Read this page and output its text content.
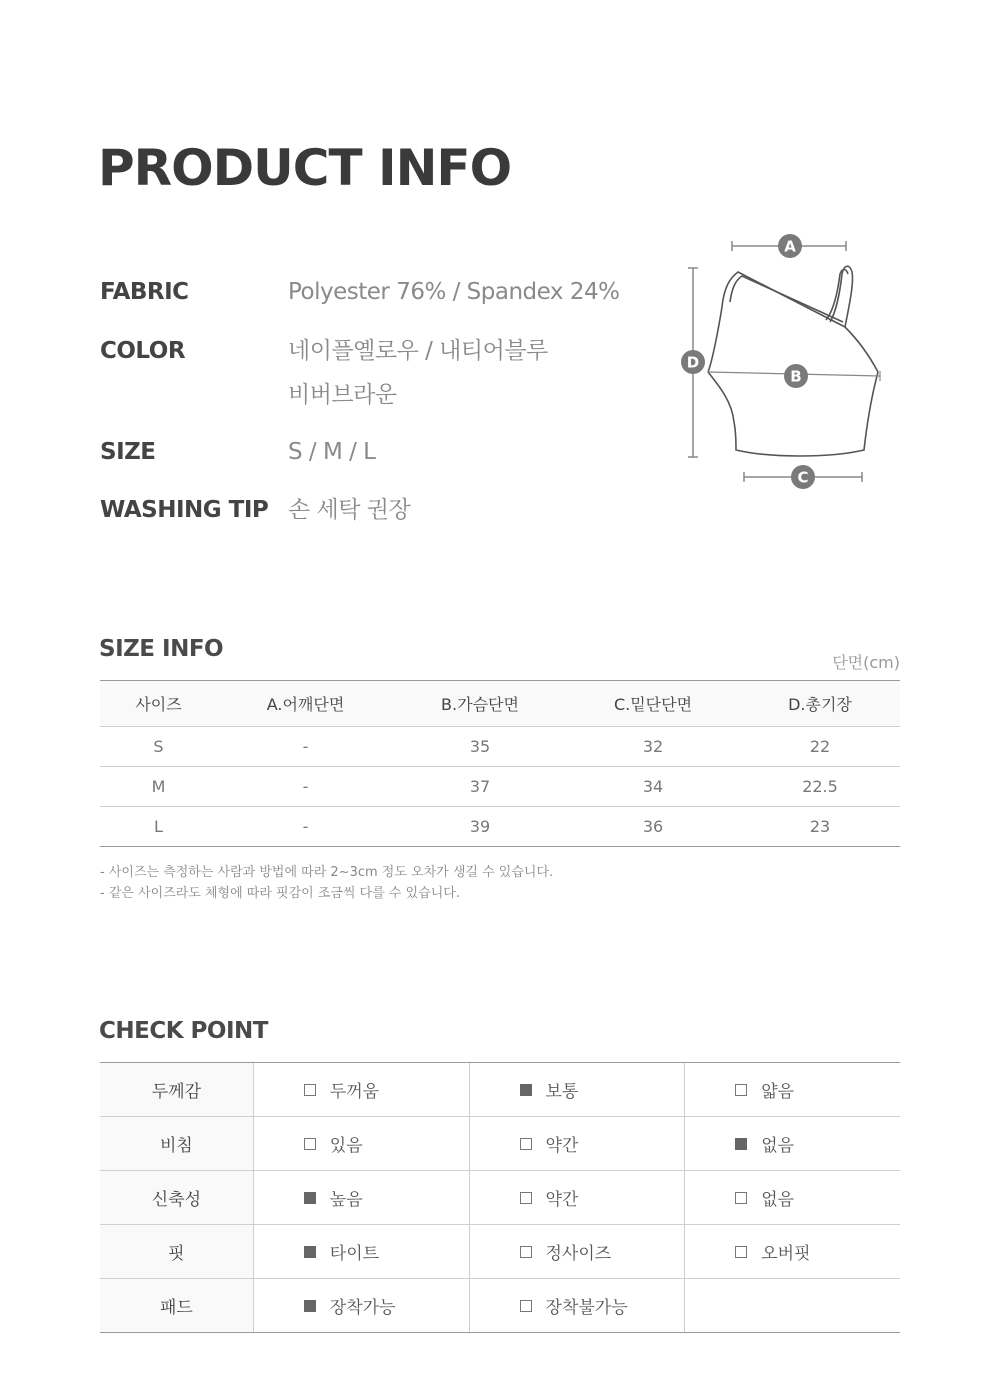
PRODUCT INFO
FABRIC	Polyester 76% / Spandex 24%
COLOR	네이플옐로우 / 내티어블루
비버브라운
SIZE	S / M / L
WASHING TIP 손 세탁 권장
A
B
C
D
SIZE INFO
단면(cm)
사이즈	A.어깨단면	B.가슴단면	C.밑단단면	D.총기장
S	-	35	32	22
M	-	37	34	22.5
L	-	39	36	23
- 사이즈는 측정하는 사람과 방법에 따라 2~3cm 정도 오차가 생길 수 있습니다.
- 같은 사이즈라도 체형에 따라 핏감이 조금씩 다를 수 있습니다.
CHECK POINT
두께감	두꺼움	보통	얇음
비침	있음	약간	없음
신축성	높음	약간	없음
핏	타이트	정사이즈	오버핏
패드	장착가능	장착불가능	
